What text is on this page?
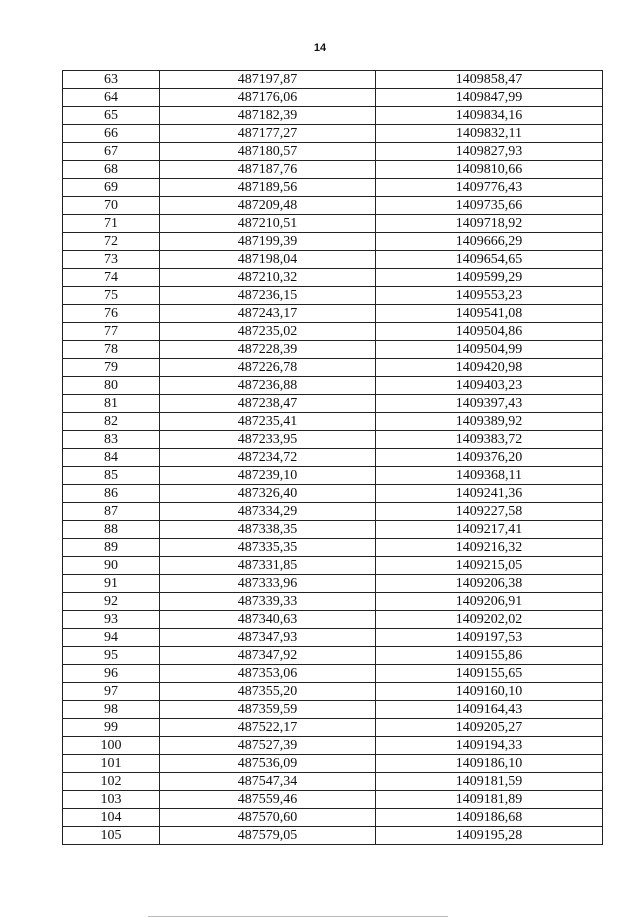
14
63	487197,87	1409858,47
64	487176,06	1409847,99
65	487182,39	1409834,16
66	487177,27	1409832,11
67	487180,57	1409827,93
68	487187,76	1409810,66
69	487189,56	1409776,43
70	487209,48	1409735,66
71	487210,51	1409718,92
72	487199,39	1409666,29
73	487198,04	1409654,65
74	487210,32	1409599,29
75	487236,15	1409553,23
76	487243,17	1409541,08
77	487235,02	1409504,86
78	487228,39	1409504,99
79	487226,78	1409420,98
80	487236,88	1409403,23
81	487238,47	1409397,43
82	487235,41	1409389,92
83	487233,95	1409383,72
84	487234,72	1409376,20
85	487239,10	1409368,11
86	487326,40	1409241,36
87	487334,29	1409227,58
88	487338,35	1409217,41
89	487335,35	1409216,32
90	487331,85	1409215,05
91	487333,96	1409206,38
92	487339,33	1409206,91
93	487340,63	1409202,02
94	487347,93	1409197,53
95	487347,92	1409155,86
96	487353,06	1409155,65
97	487355,20	1409160,10
98	487359,59	1409164,43
99	487522,17	1409205,27
100	487527,39	1409194,33
101	487536,09	1409186,10
102	487547,34	1409181,59
103	487559,46	1409181,89
104	487570,60	1409186,68
105	487579,05	1409195,28
